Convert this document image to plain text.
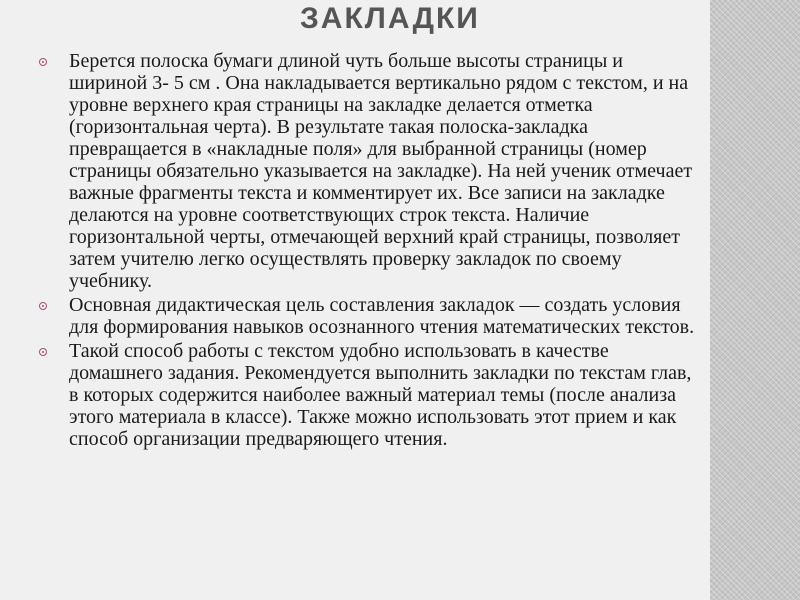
ЗАКЛАДКИ
Берется полоска бумаги длиной чуть больше высоты страницы и шириной 3- 5 см . Она накладывается вертикально рядом с текстом, и на уровне верхнего края страницы на закладке делается отметка (горизонтальная черта). В результате такая полоска-закладка превращается в «накладные поля» для выбранной страницы (номер страницы обязательно указывается на закладке). На ней ученик отмечает важные фрагменты текста и комментирует их. Все записи на закладке делаются на уровне соответствующих строк текста. Наличие горизонтальной черты, отмечающей верхний край страницы, позволяет затем учителю легко осуществлять проверку закладок по своему учебнику.
Основная дидактическая цель составления закладок — создать условия для формирования навыков осознанного чтения математических текстов.
Такой способ работы с текстом удобно использовать в качестве домашнего задания. Рекомендуется выполнить закладки по текстам глав, в которых содержится наиболее важный материал темы (после анализа этого материала в классе). Также можно использовать этот прием и как способ организации предваряющего чтения.
